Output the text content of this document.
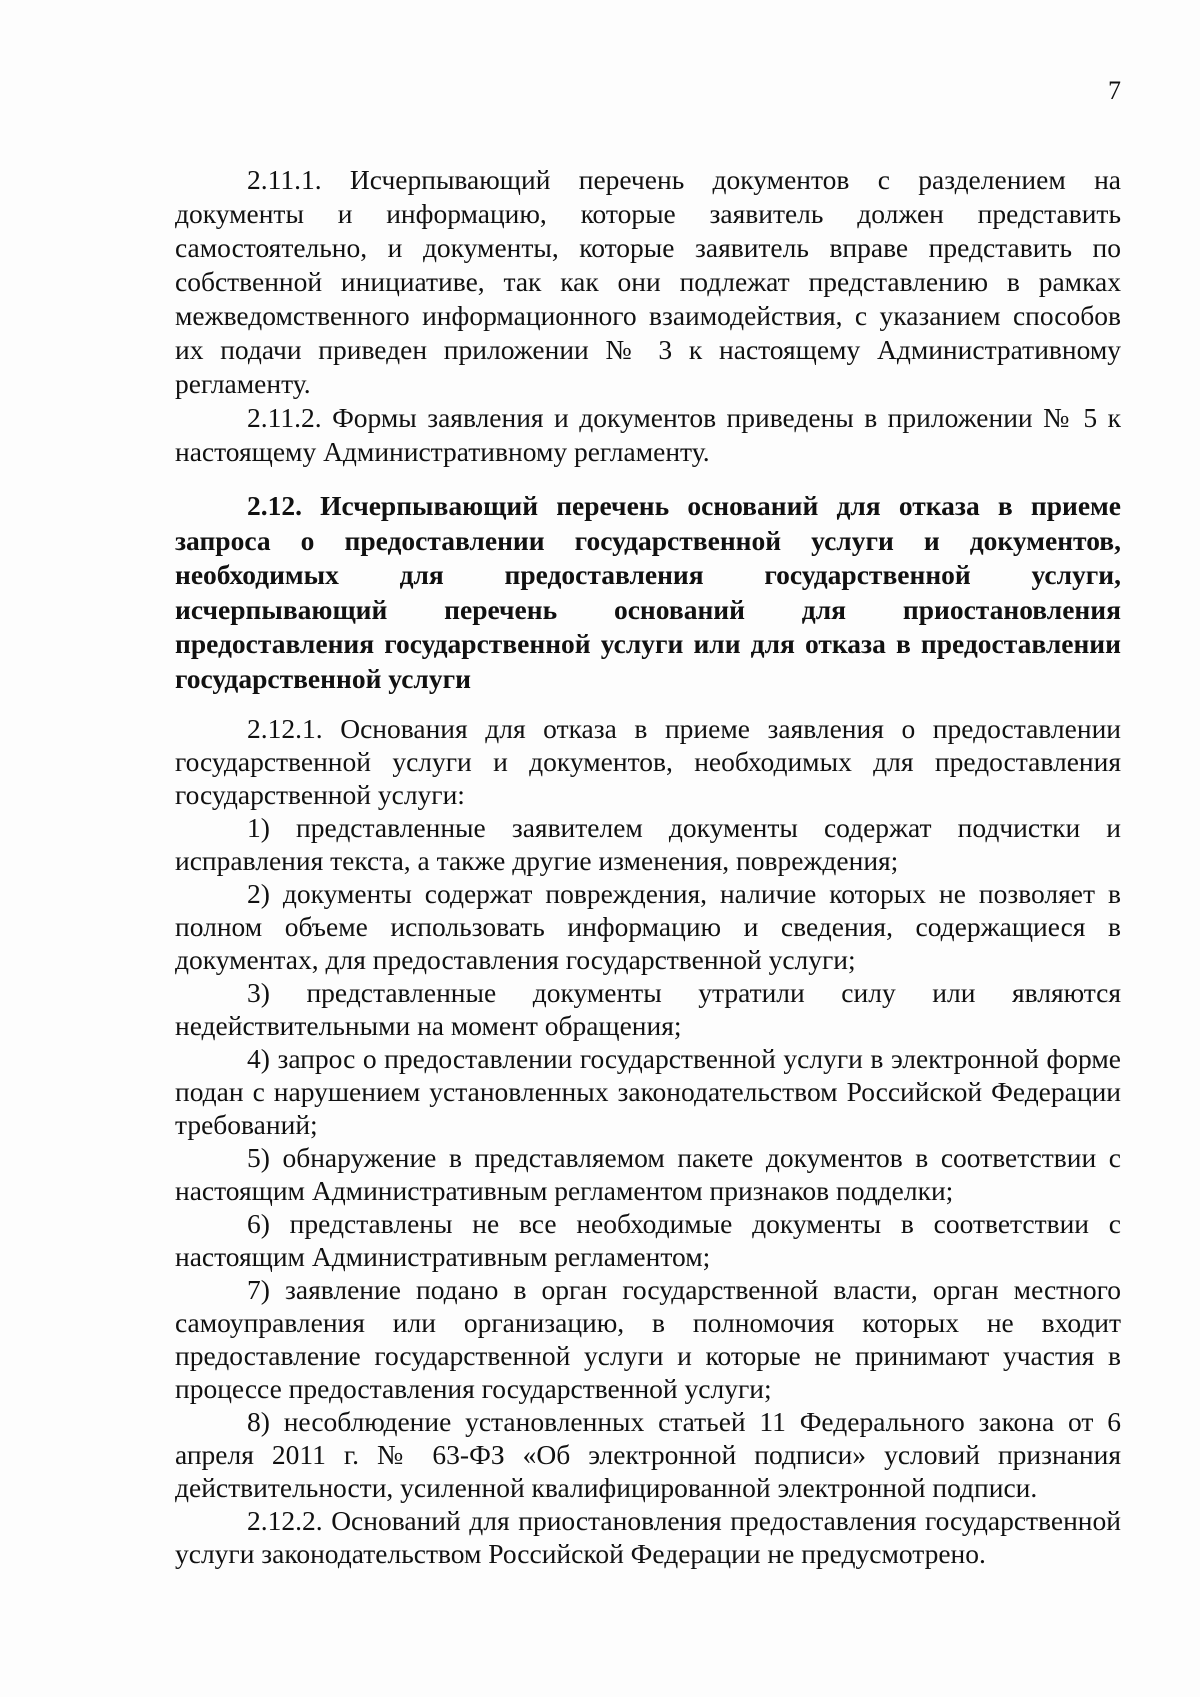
7

2.11.1. Исчерпывающий перечень документов с разделением на документы и информацию, которые заявитель должен представить самостоятельно, и документы, которые заявитель вправе представить по собственной инициативе, так как они подлежат представлению в рамках межведомственного информационного взаимодействия, с указанием способов их подачи приведен приложении № 3 к настоящему Административному регламенту.

2.11.2. Формы заявления и документов приведены в приложении № 5 к настоящему Административному регламенту.

2.12. Исчерпывающий перечень оснований для отказа в приеме запроса о предоставлении государственной услуги и документов, необходимых для предоставления государственной услуги, исчерпывающий перечень оснований для приостановления предоставления государственной услуги или для отказа в предоставлении государственной услуги

2.12.1. Основания для отказа в приеме заявления о предоставлении государственной услуги и документов, необходимых для предоставления государственной услуги:

1) представленные заявителем документы содержат подчистки и исправления текста, а также другие изменения, повреждения;

2) документы содержат повреждения, наличие которых не позволяет в полном объеме использовать информацию и сведения, содержащиеся в документах, для предоставления государственной услуги;

3) представленные документы утратили силу или являются недействительными на момент обращения;

4) запрос о предоставлении государственной услуги в электронной форме подан с нарушением установленных законодательством Российской Федерации требований;

5) обнаружение в представляемом пакете документов в соответствии с настоящим Административным регламентом признаков подделки;

6) представлены не все необходимые документы в соответствии с настоящим Административным регламентом;

7) заявление подано в орган государственной власти, орган местного самоуправления или организацию, в полномочия которых не входит предоставление государственной услуги и которые не принимают участия в процессе предоставления государственной услуги;

8) несоблюдение установленных статьей 11 Федерального закона от 6 апреля 2011 г. № 63-ФЗ «Об электронной подписи» условий признания действительности, усиленной квалифицированной электронной подписи.

2.12.2. Оснований для приостановления предоставления государственной услуги законодательством Российской Федерации не предусмотрено.
